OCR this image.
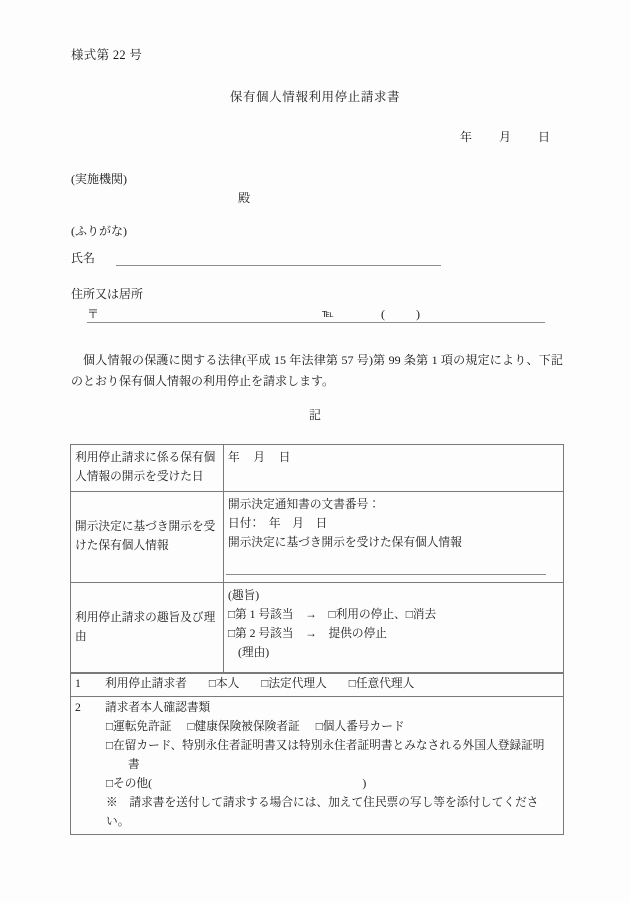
様式第 22 号
保有個人情報利用停止請求書
年 月 日
(実施機関)
殿
(ふりがな)
氏名
住所又は居所
〒	℡	( )
個人情報の保護に関する法律(平成 15 年法律第 57 号)第 99 条第 1 項の規定により、下記のとおり保有個人情報の利用停止を請求します。
記
利用停止請求に係る保有個人情報の開示を受けた日	年　月　日

開示決定に基づき開示を受けた保有個人情報	開示決定通知書の文書番号：
日付：　年　月　日
開示決定に基づき開示を受けた保有個人情報

利用停止請求の趣旨及び理由	(趣旨)
□第 1 号該当　→　□利用の停止、□消去
□第 2 号該当　→　提供の停止
(理由)
1 利用停止請求者 □本人 □法定代理人 □任意代理人
2 請求者本人確認書類
□運転免許証 □健康保険被保険者証 □個人番号カード
□在留カード、特別永住者証明書又は特別永住者証明書とみなされる外国人登録証明
書
□その他(　　　　　　　　　　　　　　　　　　)
※　請求書を送付して請求する場合には、加えて住民票の写し等を添付してください。
